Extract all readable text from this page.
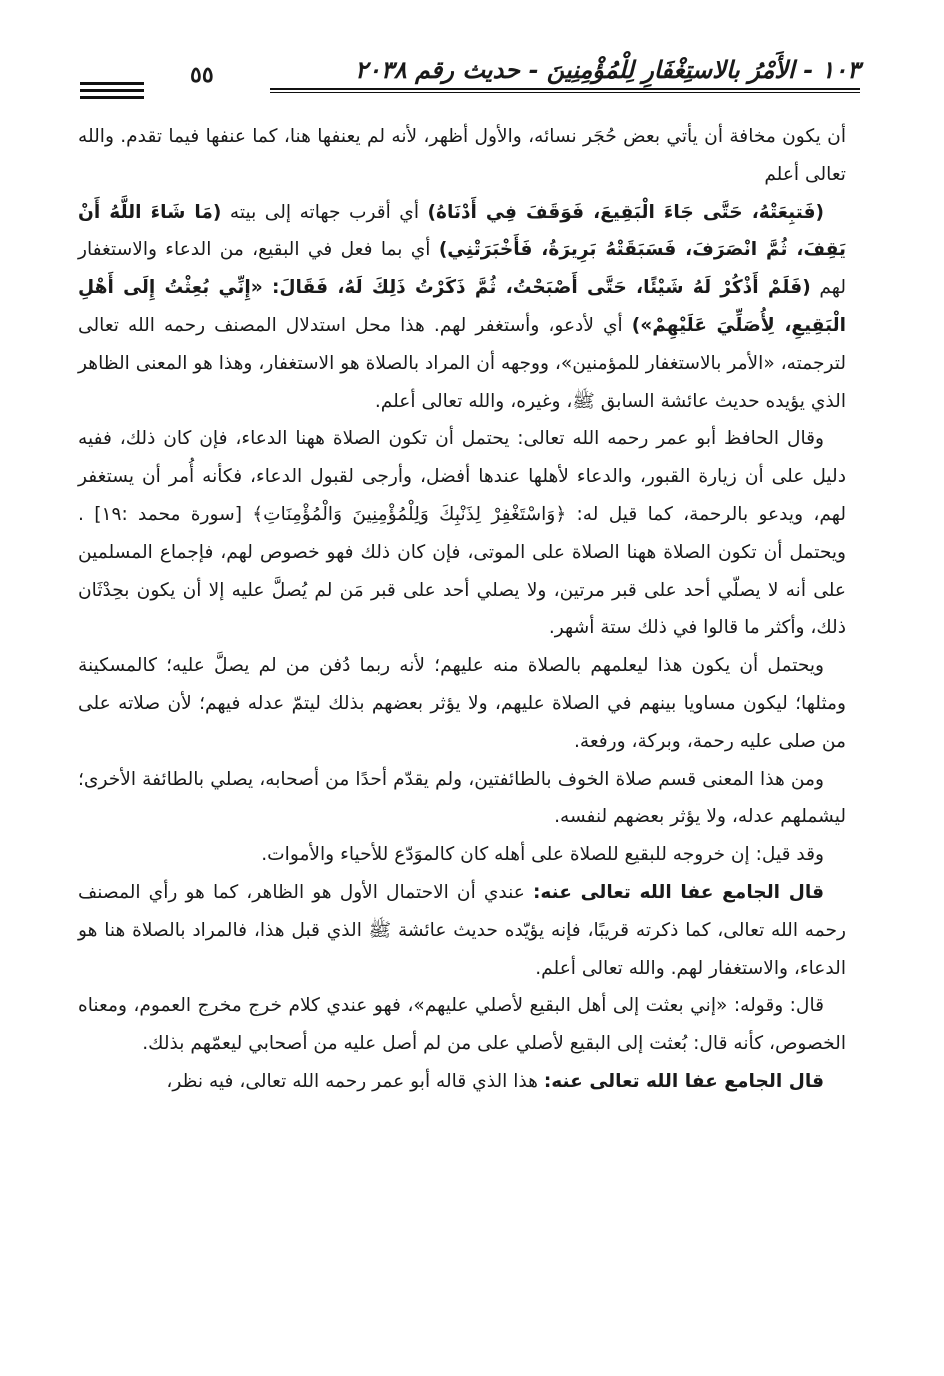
١٠٣ - الأَمْرُ بالاستِغْفَارِ لِلْمُؤْمِنِينَ - حديث رقم ٢٠٣٨
٥٥

أن يكون مخافة أن يأتي بعض حُجَر نسائه، والأول أظهر، لأنه لم يعنفها هنا، كما عنفها فيما تقدم. والله تعالى أعلم

(فَتبِعَتْهُ، حَتَّى جَاءَ الْبَقِيعَ، فَوَقَفَ فِي أَدْنَاهُ) أي أقرب جهاته إلى بيته (مَا شَاءَ اللَّهُ أَنْ يَقِفَ، ثُمَّ انْصَرَفَ، فَسَبَقَتْهُ بَرِيرَةُ، فَأَخْبَرَتْنِي) أي بما فعل في البقيع، من الدعاء والاستغفار لهم (فَلَمْ أَذْكُرْ لَهُ شَيْئًا، حَتَّى أَصْبَحْتُ، ثُمَّ ذَكَرْتُ ذَلِكَ لَهُ، فَقَالَ: «إِنِّي بُعِثْتُ إِلَى أَهْلِ الْبَقِيعِ، لِأُصَلِّيَ عَلَيْهِمْ») أي لأدعو، وأستغفر لهم. هذا محل استدلال المصنف رحمه الله تعالى لترجمته، «الأمر بالاستغفار للمؤمنين»، ووجهه أن المراد بالصلاة هو الاستغفار، وهذا هو المعنى الظاهر الذي يؤيده حديث عائشة السابق ﷺ، وغيره، والله تعالى أعلم.

وقال الحافظ أبو عمر رحمه الله تعالى: يحتمل أن تكون الصلاة ههنا الدعاء، فإن كان ذلك، ففيه دليل على أن زيارة القبور، والدعاء لأهلها عندها أفضل، وأرجى لقبول الدعاء، فكأنه أُمر أن يستغفر لهم، ويدعو بالرحمة، كما قيل له: ﴿وَاسْتَغْفِرْ لِذَنْبِكَ وَلِلْمُؤْمِنِينَ وَالْمُؤْمِنَاتِ﴾ [سورة محمد :١٩] . ويحتمل أن تكون الصلاة ههنا الصلاة على الموتى، فإن كان ذلك فهو خصوص لهم، فإجماع المسلمين على أنه لا يصلّي أحد على قبر مرتين، ولا يصلي أحد على قبر مَن لم يُصلَّ عليه إلا أن يكون بحِدْثَان ذلك، وأكثر ما قالوا في ذلك ستة أشهر.

ويحتمل أن يكون هذا ليعلمهم بالصلاة منه عليهم؛ لأنه ربما دُفن من لم يصلَّ عليه؛ كالمسكينة ومثلها؛ ليكون مساويا بينهم في الصلاة عليهم، ولا يؤثر بعضهم بذلك ليتمّ عدله فيهم؛ لأن صلاته على من صلى عليه رحمة، وبركة، ورفعة.

ومن هذا المعنى قسم صلاة الخوف بالطائفتين، ولم يقدّم أحدًا من أصحابه، يصلي بالطائفة الأخرى؛ ليشملهم عدله، ولا يؤثر بعضهم لنفسه.

وقد قيل: إن خروجه للبقيع للصلاة على أهله كان كالموَدّع للأحياء والأموات.

قال الجامع عفا الله تعالى عنه: عندي أن الاحتمال الأول هو الظاهر، كما هو رأي المصنف رحمه الله تعالى، كما ذكرته قريبًا، فإنه يؤيّده حديث عائشة ﷺ الذي قبل هذا، فالمراد بالصلاة هنا هو الدعاء، والاستغفار لهم. والله تعالى أعلم.

قال: وقوله: «إني بعثت إلى أهل البقيع لأصلي عليهم»، فهو عندي كلام خرج مخرج العموم، ومعناه الخصوص، كأنه قال: بُعثت إلى البقيع لأصلي على من لم أصل عليه من أصحابي ليعمّهم بذلك.

قال الجامع عفا الله تعالى عنه: هذا الذي قاله أبو عمر رحمه الله تعالى، فيه نظر،
